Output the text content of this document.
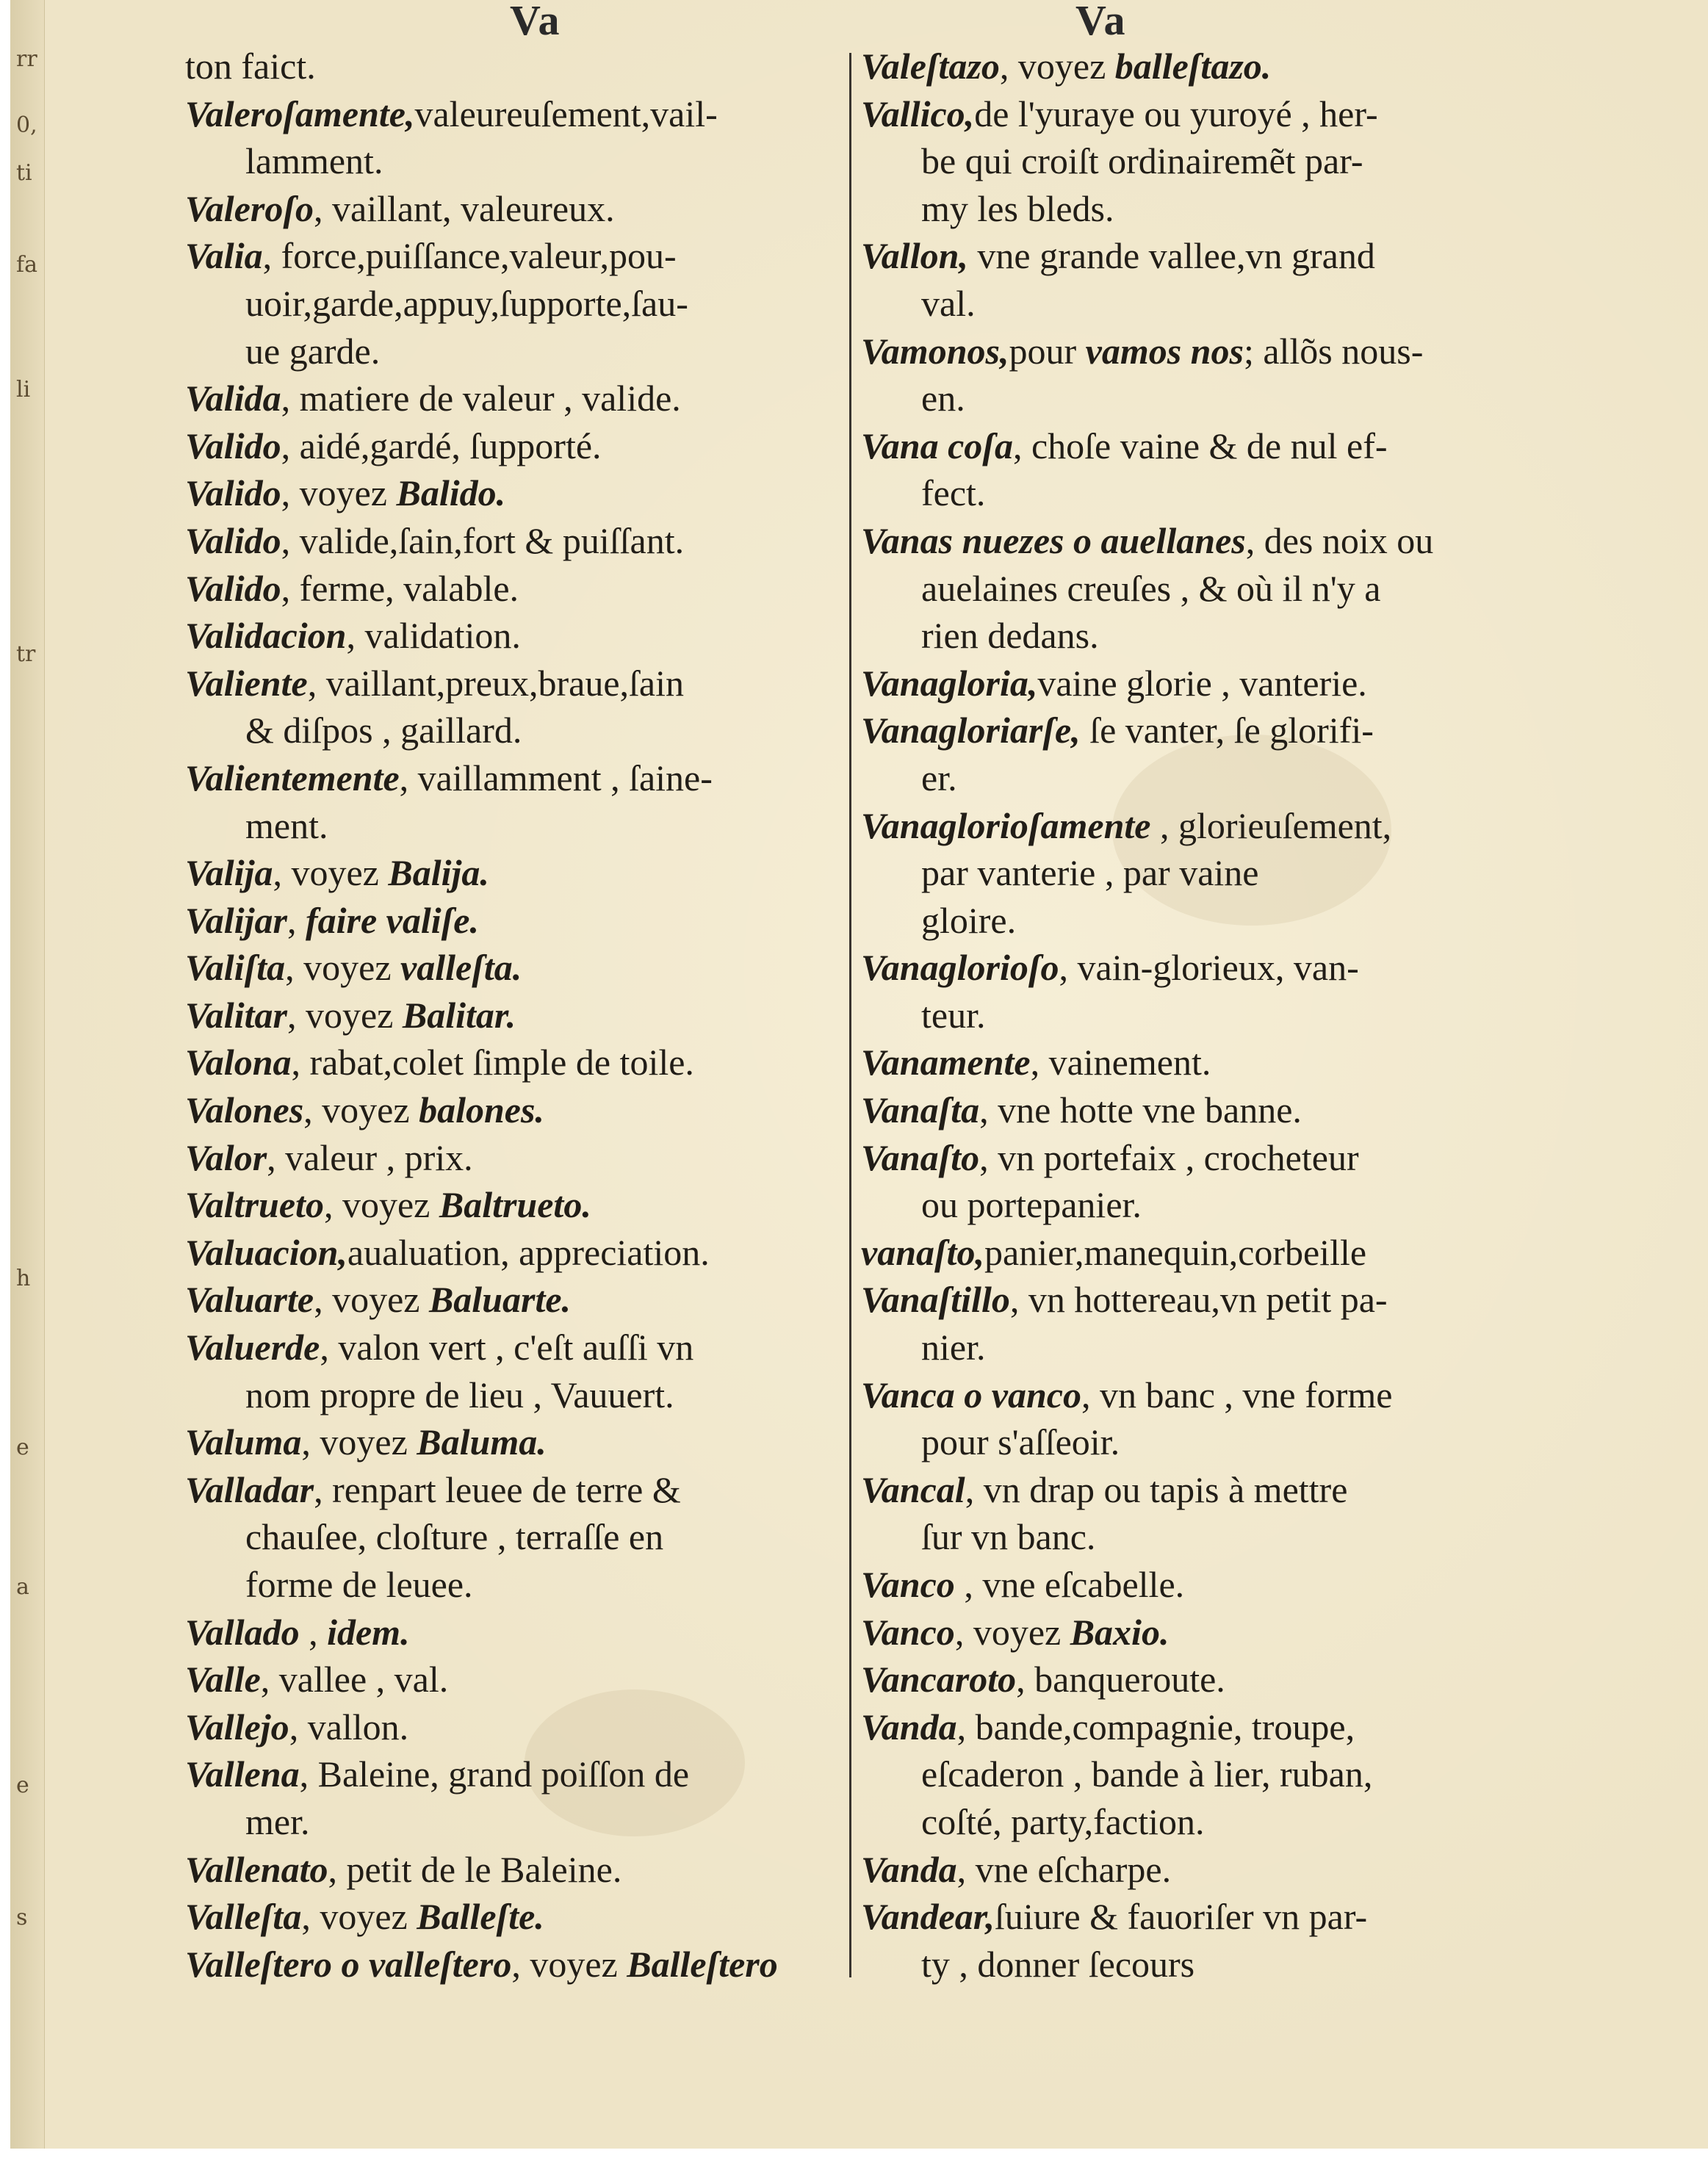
rr
0,
ti
fa
li
tr
h
e
a
e
s
Va	Va
ton faict.
Valeroſamente,valeureuſement,vail-
lamment.
Valeroſo, vaillant, valeureux.
Valia, force,puiſſance,valeur,pou-
uoir,garde,appuy,ſupporte,ſau-
ue garde.
Valida, matiere de valeur , valide.
Valido, aidé,gardé, ſupporté.
Valido, voyez Balido.
Valido, valide,ſain,fort & puiſſant.
Valido, ferme, valable.
Validacion, validation.
Valiente, vaillant,preux,braue,ſain
& diſpos , gaillard.
Valientemente, vaillamment , ſaine-
ment.
Valija, voyez Balija.
Valijar, faire valiſe.
Valiſta, voyez valleſta.
Valitar, voyez Balitar.
Valona, rabat,colet ſimple de toile.
Valones, voyez balones.
Valor, valeur , prix.
Valtrueto, voyez Baltrueto.
Valuacion,aualuation, appreciation.
Valuarte, voyez Baluarte.
Valuerde, valon vert , c'eſt auſſi vn
nom propre de lieu , Vauuert.
Valuma, voyez Baluma.
Valladar, renpart leuee de terre &
chauſee, cloſture , terraſſe en
forme de leuee.
Vallado , idem.
Valle, vallee , val.
Vallejo, vallon.
Vallena, Baleine, grand poiſſon de
mer.
Vallenato, petit de le Baleine.
Valleſta, voyez Balleſte.
Valleſtero o valleſtero, voyez Balleſtero
Valeſtazo, voyez balleſtazo.
Vallico,de l'yuraye ou yuroyé , her-
be qui croiſt ordinairemẽt par-
my les bleds.
Vallon, vne grande vallee,vn grand
val.
Vamonos,pour vamos nos; allõs nous-
en.
Vana coſa, choſe vaine & de nul ef-
fect.
Vanas nuezes o auellanes, des noix ou
auelaines creuſes , & où il n'y a
rien dedans.
Vanagloria,vaine glorie , vanterie.
Vanagloriarſe, ſe vanter, ſe glorifi-
er.
Vanaglorioſamente , glorieuſement,
par vanterie , par vaine
gloire.
Vanaglorioſo, vain-glorieux, van-
teur.
Vanamente, vainement.
Vanaſta, vne hotte vne banne.
Vanaſto, vn portefaix , crocheteur
ou portepanier.
vanaſto,panier,manequin,corbeille
Vanaſtillo, vn hottereau,vn petit pa-
nier.
Vanca o vanco, vn banc , vne forme
pour s'aſſeoir.
Vancal, vn drap ou tapis à mettre
ſur vn banc.
Vanco , vne eſcabelle.
Vanco, voyez Baxio.
Vancaroto, banqueroute.
Vanda, bande,compagnie, troupe,
eſcaderon , bande à lier, ruban,
coſté, party,faction.
Vanda, vne eſcharpe.
Vandear,ſuiure & fauoriſer vn par-
ty , donner ſecours
